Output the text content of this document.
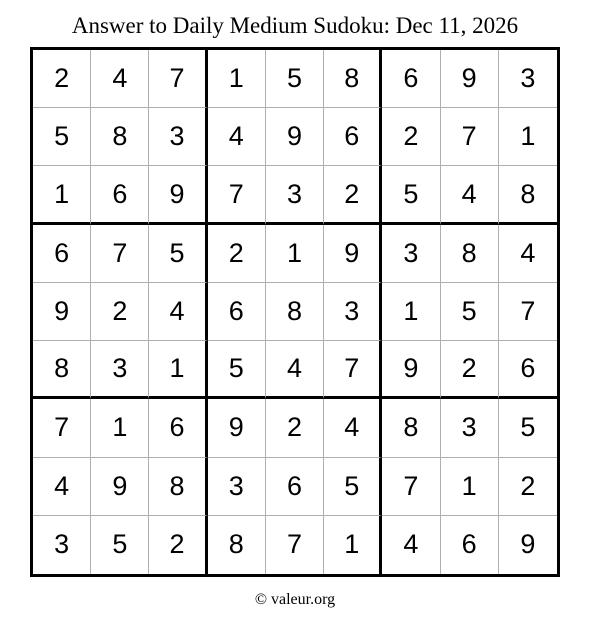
Answer to Daily Medium Sudoku: Dec 11, 2026
2	4	7	1	5	8	6	9	3
5	8	3	4	9	6	2	7	1
1	6	9	7	3	2	5	4	8
6	7	5	2	1	9	3	8	4
9	2	4	6	8	3	1	5	7
8	3	1	5	4	7	9	2	6
7	1	6	9	2	4	8	3	5
4	9	8	3	6	5	7	1	2
3	5	2	8	7	1	4	6	9
© valeur.org
